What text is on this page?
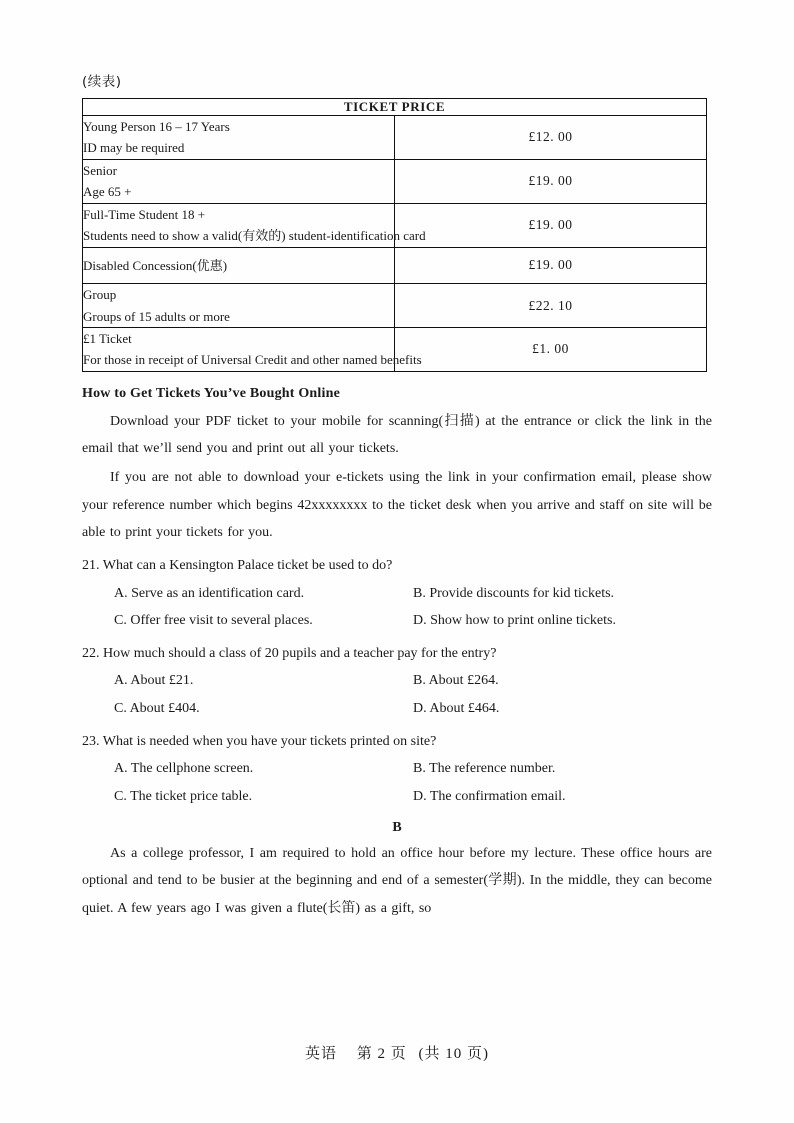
(续表)
TICKET PRICE	

Young Person 16 – 17 Years
ID may be required	£12. 00

Senior
Age 65 +	£19. 00

Full-Time Student 18 +
Students need to show a valid(有效的) student-identification card	£19. 00

Disabled Concession(优惠)	£19. 00

Group
Groups of 15 adults or more	£22. 10

£1 Ticket
For those in receipt of Universal Credit and other named benefits	£1. 00
How to Get Tickets You’ve Bought Online

Download your PDF ticket to your mobile for scanning(扫描) at the entrance or click the link in the email that we’ll send you and print out all your tickets.

If you are not able to download your e-tickets using the link in your confirmation email, please show your reference number which begins 42xxxxxxxx to the ticket desk when you arrive and staff on site will be able to print your tickets for you.

21. What can a Kensington Palace ticket be used to do?

A. Serve as an identification card.	B. Provide discounts for kid tickets.
C. Offer free visit to several places.	D. Show how to print online tickets.

22. How much should a class of 20 pupils and a teacher pay for the entry?

A. About £21.	B. About £264.
C. About £404.	D. About £464.

23. What is needed when you have your tickets printed on site?

A. The cellphone screen.	B. The reference number.
C. The ticket price table.	D. The confirmation email.
B

As a college professor, I am required to hold an office hour before my lecture. These office hours are optional and tend to be busier at the beginning and end of a semester(学期). In the middle, they can become quiet. A few years ago I was given a flute(长笛) as a gift, so

英语 第 2 页 (共 10 页)
